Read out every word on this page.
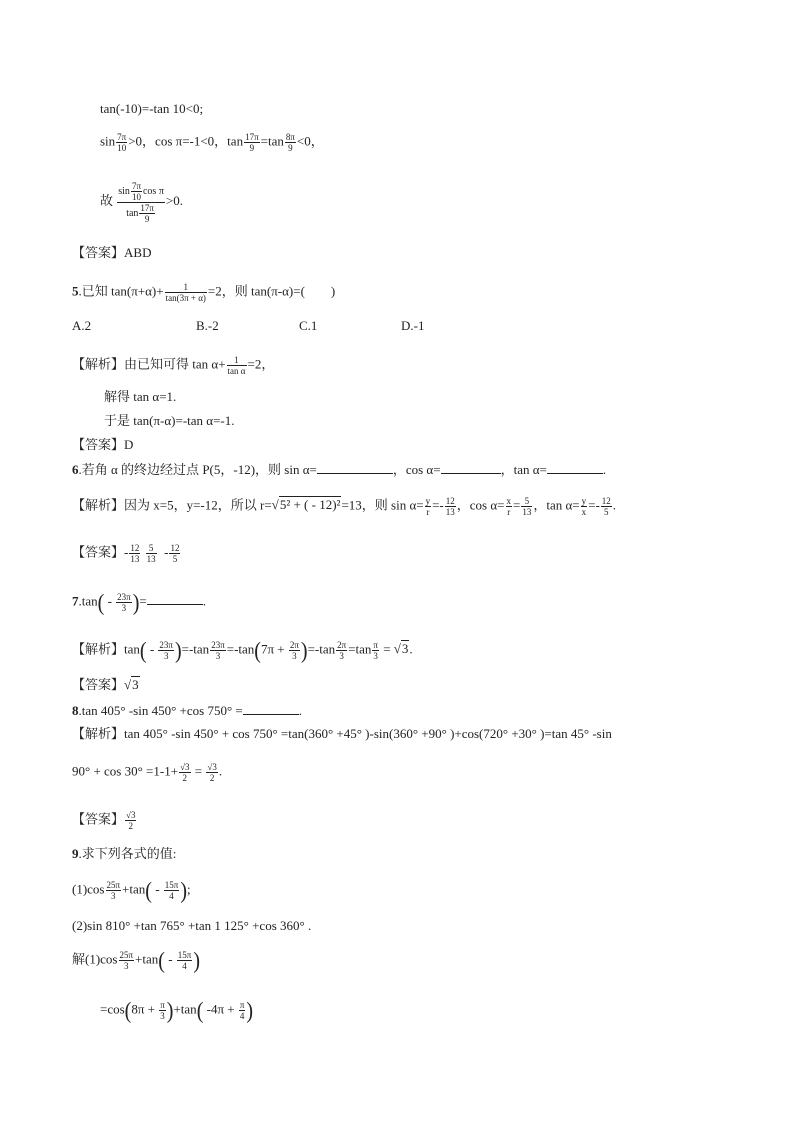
tan(-10)=-tan 10<0;
$\sin \frac{7\pi}{10} >0$，cos π=-1<0，$\tan \frac{17\pi}{9} =\tan \frac{8\pi}{9} <0$，
故 $\frac{\sin \frac{7\pi}{10} \cos \pi}{\tan \frac{17\pi}{9}} >0$.
【答案】ABD
5.已知 $\tan(\pi+\alpha)+ \frac{1}{\tan(3\pi + \alpha)} =2$，则 tan(π-α)=(　　)
A.2	B.-2	C.1	D.-1
【解析】由已知可得 $\tan \alpha+ \frac{1}{\text{tan α}} =2$，
解得 tan α=1.
于是 tan(π-α)=-tan α=-1.
【答案】D
6.若角 α 的终边经过点 P(5，-12)，则 sin α=	，cos α=	，tan α=	.
【解析】因为 x=5，y=-12，所以 r=√5² + ( - 12)²=13，则 $\sin \alpha= \frac{y}{r} =- \frac{12}{13}$ ，$\cos \alpha= \frac{x}{r} = \frac{5}{13}$ ，$\tan \alpha= \frac{y}{x} =- \frac{12}{5}$ .
【答案】- $\frac{12}{13}$
$\frac{5}{13} - \frac{12}{5}$
$7.\tan( - \frac{23\pi}{3}$ )=	.
【解析】$\tan( - \frac{23\pi}{3} )=-\tan \frac{23\pi}{3} =-\tan(7\pi + \frac{2\pi}{3} )=-\tan \frac{2\pi}{3} =\tan \frac{\pi}{3} = √3$.
【答案】√3
8.tan 405° -sin 450° +cos 750° =	.
【解析】tan 405° -sin 450° + cos 750° =tan(360° +45° )-sin(360° +90° )+cos(720° +30° )=tan 45° -sin
$90^\circ + \cos 30^\circ =1-1+ \frac{√3}{2} = \frac{√3}{2}$ .
【答案】 $\frac{√3}{2}$
9.求下列各式的值:
$(1)\cos \frac{25\pi}{3} +\tan( - \frac{15\pi}{4}$ );
(2)sin 810° +tan 765° +tan 1 125° +cos 360° .
解$(1)\cos \frac{25\pi}{3} +\tan( - \frac{15\pi}{4}$ )
$=\cos(8\pi + \frac{\pi}{3} )+\tan$( $-4\pi + \frac{\pi}{4}$ )
